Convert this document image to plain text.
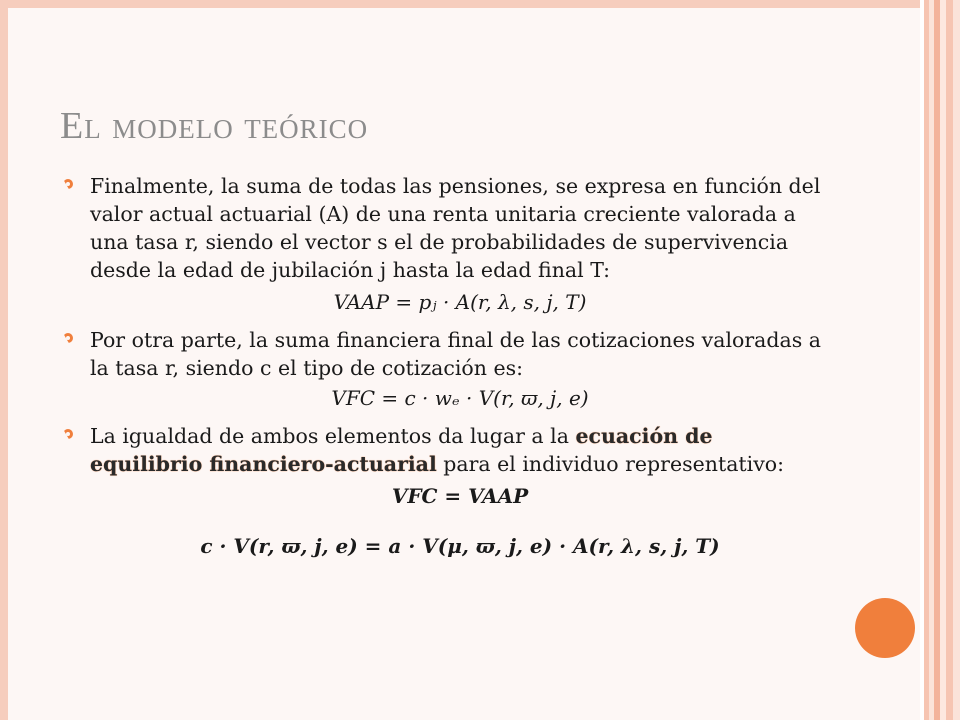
El modelo teórico
Finalmente, la suma de todas las pensiones, se expresa en función del valor actual actuarial (A) de una renta unitaria creciente valorada a una tasa r, siendo el vector s el de probabilidades de supervivencia desde la edad de jubilación j hasta la edad final T:
VAAP = pⱼ · A(r, λ, s, j, T)
Por otra parte, la suma financiera final de las cotizaciones valoradas a la tasa r, siendo c el tipo de cotización es:
VFC = c · wₑ · V(r, ϖ, j, e)
La igualdad de ambos elementos da lugar a la ecuación de equilibrio financiero-actuarial para el individuo representativo:
VFC = VAAP
c · V(r, ϖ, j, e) = a · V(μ, ϖ, j, e) · A(r, λ, s, j, T)
